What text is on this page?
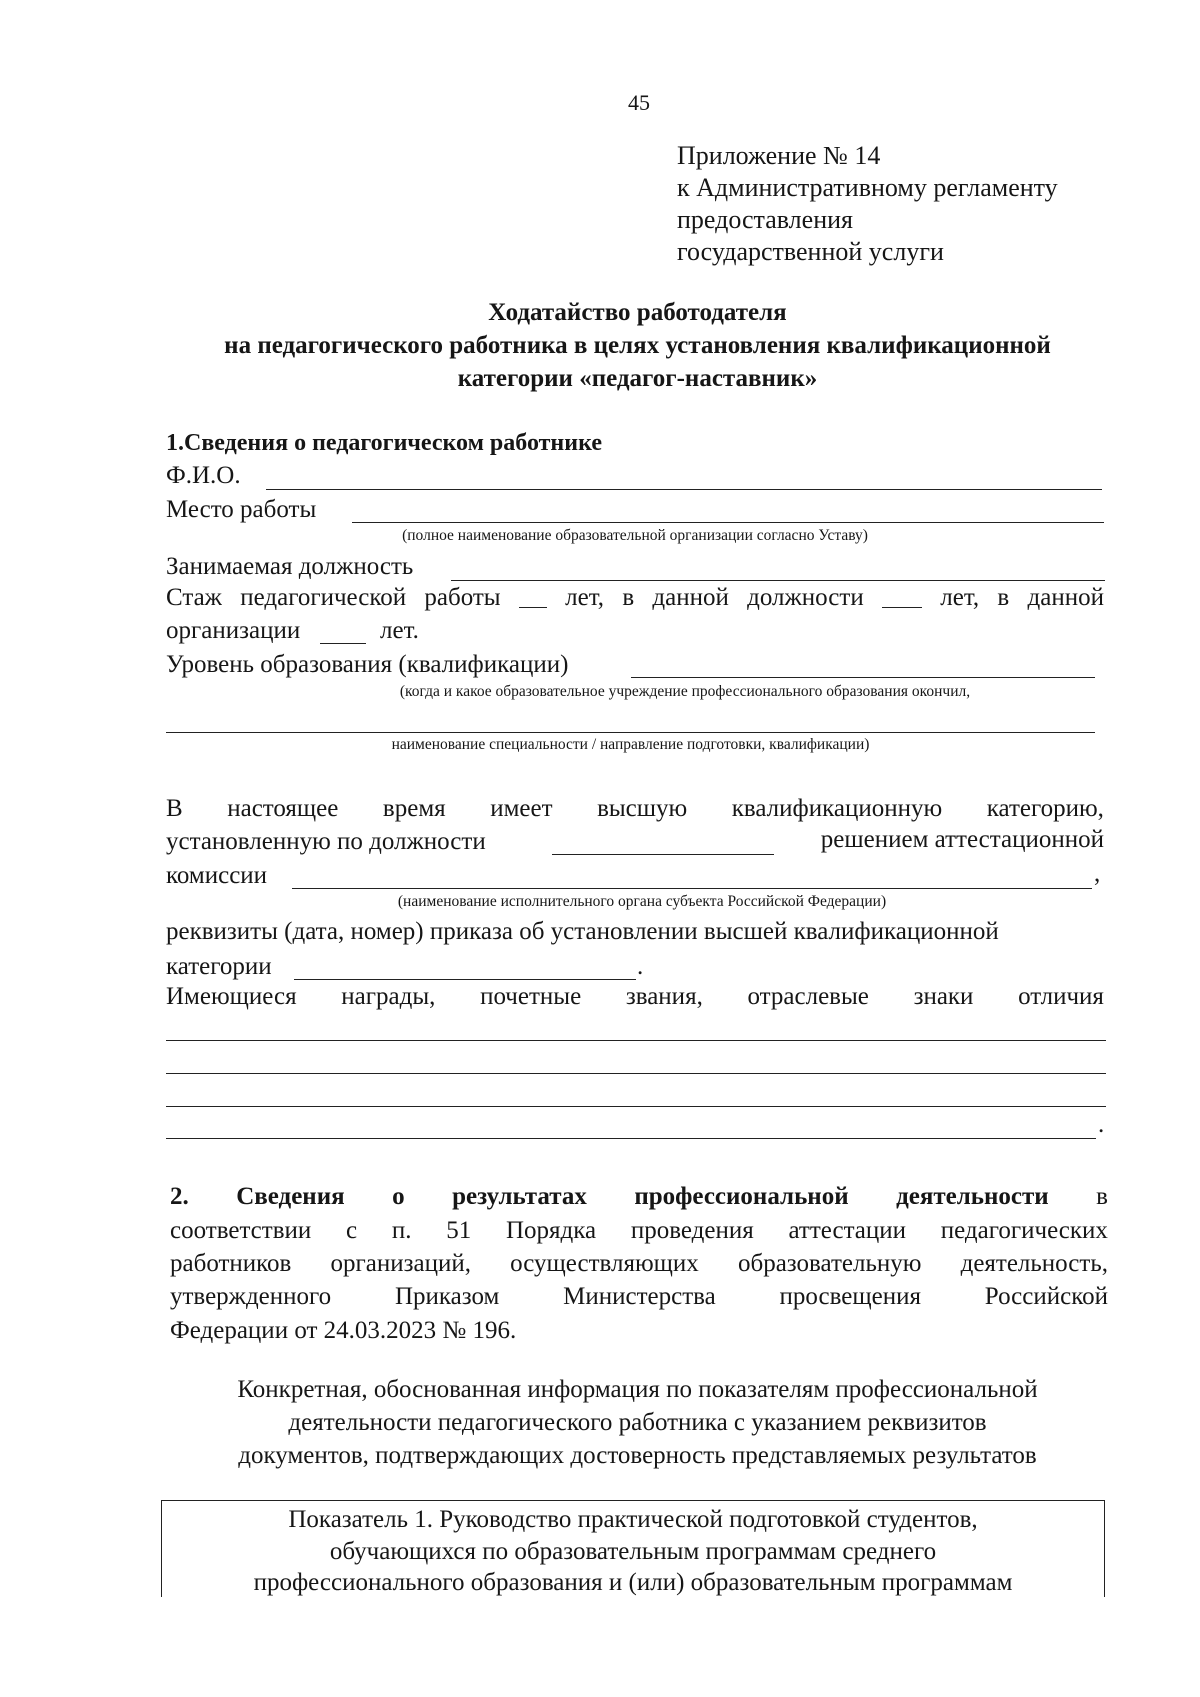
45
Приложение № 14
к Административному регламенту
предоставления
государственной услуги
Ходатайство работодателя
на педагогического работника в целях установления квалификационной
категории «педагог-наставник»
1.Сведения о педагогическом работнике
Ф.И.О.
Место работы
(полное наименование образовательной организации согласно Уставу)
Занимаемая должность
Стаж педагогической работы	лет, в данной должности	лет, в данной
организации	лет.
Уровень образования (квалификации)
(когда и какое образовательное учреждение профессионального образования окончил,
наименование специальности / направление подготовки, квалификации)
В настоящее время имеет высшую квалификационную категорию,
установленную по должности	решением аттестационной
комиссии	,
(наименование исполнительного органа субъекта Российской Федерации)
реквизиты (дата, номер) приказа об установлении высшей квалификационной
категории	.
Имеющиеся награды, почетные звания, отраслевые знаки отличия
.
2. Сведения о результатах профессиональной деятельности в
соответствии с п. 51 Порядка проведения аттестации педагогических
работников организаций, осуществляющих образовательную деятельность,
утвержденного	Приказом	Министерства	просвещения	Российской
Федерации от 24.03.2023 № 196.
Конкретная, обоснованная информация по показателям профессиональной
деятельности педагогического работника с указанием реквизитов
документов, подтверждающих достоверность представляемых результатов
Показатель 1. Руководство практической подготовкой студентов,
обучающихся по образовательным программам среднего
профессионального образования и (или) образовательным программам
